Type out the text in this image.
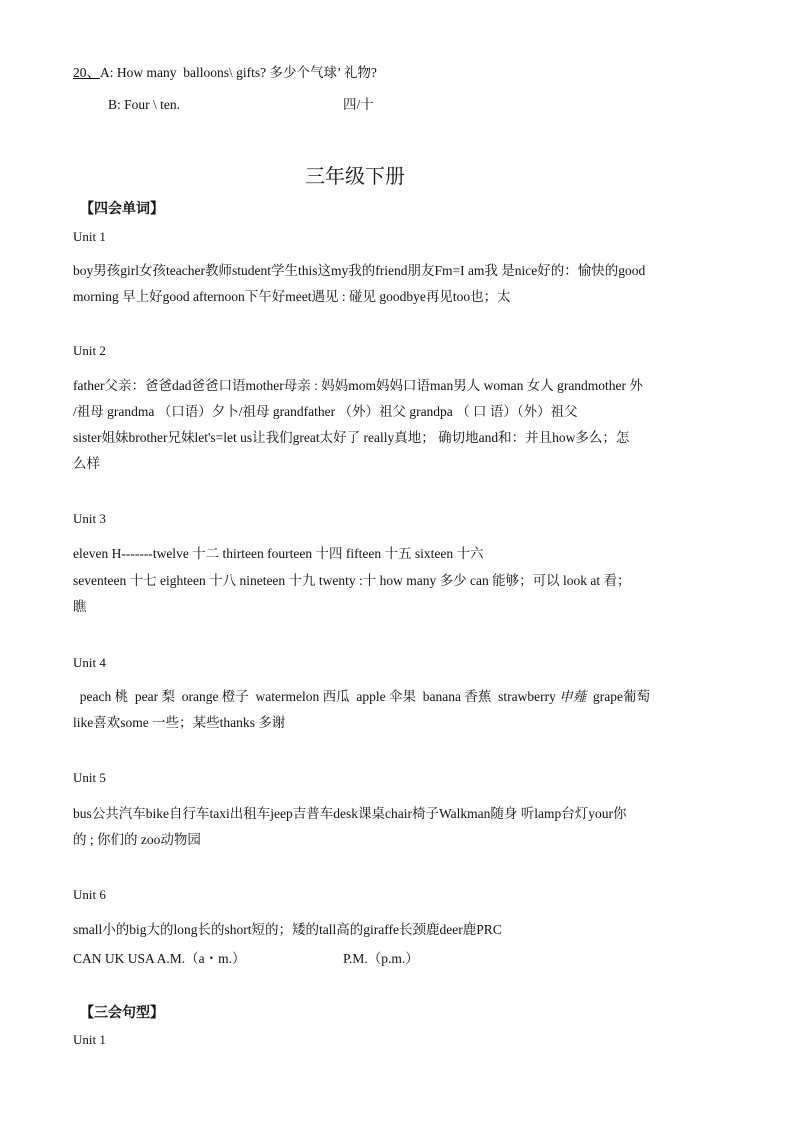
20、A: How many  balloons\ gifts? 多少个气球’ 礼物?
B: Four \ ten.	四/十
三年级下册
【四会单词】
Unit 1
boy男孩girl女孩teacher教师student学生this这my我的friend朋友Fm=I am我 是nice好的：愉快的good
morning 早上好good afternoon下午好meet遇见 : 碰见 goodbye再见too也；太
Unit 2
father父亲：爸爸dad爸爸口语mother母亲 : 妈妈mom妈妈口语man男人 woman 女人 grandmother 外
/祖母 grandma （口语）夕卜/祖母 grandfather （外）祖父 grandpa （ 口 语）（外）祖父
sister姐妹brother兄妹let's=let us让我们great太好了 really真地； 确切地and和：并且how多么；怎
么样
Unit 3
eleven H-------twelve 十二 thirteen fourteen 十四 fifteen 十五 sixteen 十六
seventeen 十七 eighteen 十八 nineteen 十九 twenty :十 how many 多少 can 能够；可以 look at 看；
瞧
Unit 4
peach 桃  pear 梨  orange 橙子  watermelon 西瓜  apple 伞果  banana 香蕉  strawberry 申薤  grape葡萄
like喜欢some 一些；某些thanks 多谢
Unit 5
bus公共汽车bike自行车taxi出租车jeep吉普车desk课桌chair椅子Walkman随身 听lamp台灯your你
的 ; 你们的 zoo动物园
Unit 6
small小的big大的long长的short短的；矮的tall高的giraffe长颈鹿deer鹿PRC
CAN UK USA A.M.（a・m.）	P.M.（p.m.）
【三会句型】
Unit 1
